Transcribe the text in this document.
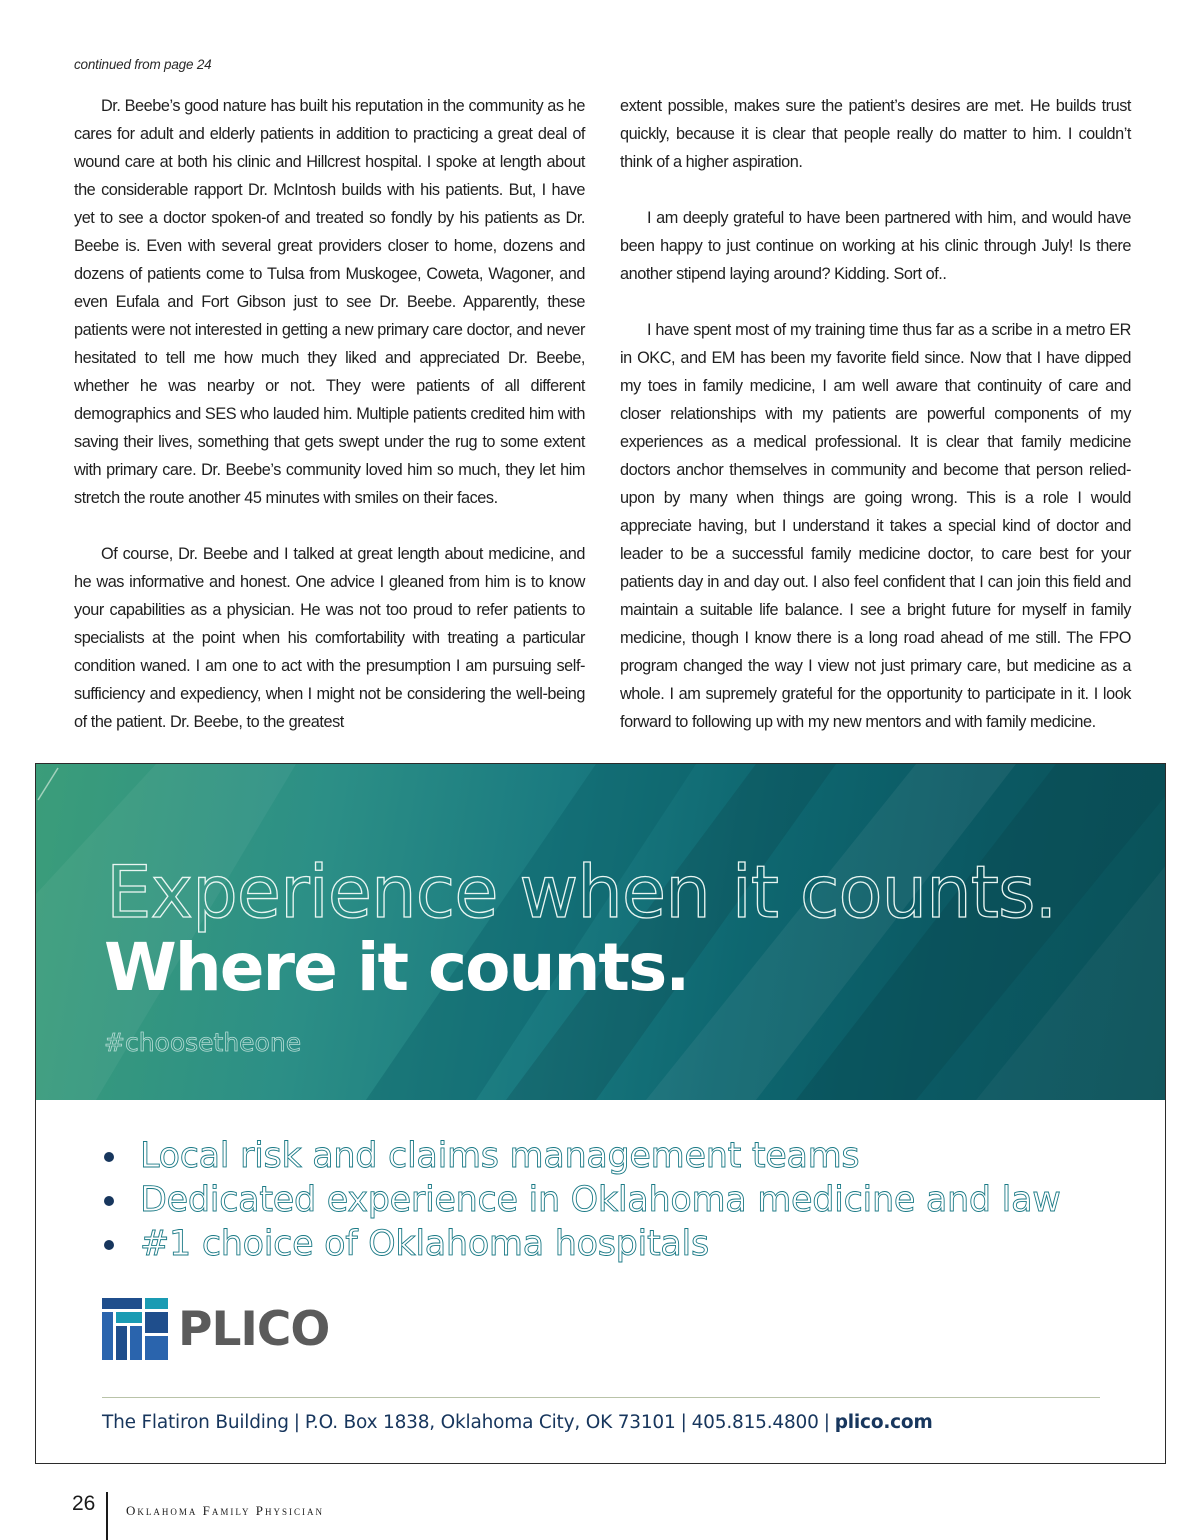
continued from page 24

Dr. Beebe’s good nature has built his reputation in the community as he cares for adult and elderly patients in addition to practicing a great deal of wound care at both his clinic and Hillcrest hospital. I spoke at length about the considerable rapport Dr. McIntosh builds with his patients. But, I have yet to see a doctor spoken-of and treated so fondly by his patients as Dr. Beebe is. Even with several great providers closer to home, dozens and dozens of patients come to Tulsa from Muskogee, Coweta, Wagoner, and even Eufala and Fort Gibson just to see Dr. Beebe. Apparently, these patients were not interested in getting a new primary care doctor, and never hesitated to tell me how much they liked and appreciated Dr. Beebe, whether he was nearby or not. They were patients of all different demographics and SES who lauded him. Multiple patients credited him with saving their lives, something that gets swept under the rug to some extent with primary care. Dr. Beebe’s community loved him so much, they let him stretch the route another 45 minutes with smiles on their faces.

Of course, Dr. Beebe and I talked at great length about medicine, and he was informative and honest. One advice I gleaned from him is to know your capabilities as a physician. He was not too proud to refer patients to specialists at the point when his comfortability with treating a particular condition waned. I am one to act with the presumption I am pursuing self-sufficiency and expediency, when I might not be considering the well-being of the patient. Dr. Beebe, to the greatest

extent possible, makes sure the patient’s desires are met. He builds trust quickly, because it is clear that people really do matter to him. I couldn’t think of a higher aspiration.

I am deeply grateful to have been partnered with him, and would have been happy to just continue on working at his clinic through July! Is there another stipend laying around? Kidding. Sort of..

I have spent most of my training time thus far as a scribe in a metro ER in OKC, and EM has been my favorite field since. Now that I have dipped my toes in family medicine, I am well aware that continuity of care and closer relationships with my patients are powerful components of my experiences as a medical professional. It is clear that family medicine doctors anchor themselves in community and become that person relied-upon by many when things are going wrong. This is a role I would appreciate having, but I understand it takes a special kind of doctor and leader to be a successful family medicine doctor, to care best for your patients day in and day out. I also feel confident that I can join this field and maintain a suitable life balance. I see a bright future for myself in family medicine, though I know there is a long road ahead of me still. The FPO program changed the way I view not just primary care, but medicine as a whole. I am supremely grateful for the opportunity to participate in it. I look forward to following up with my new mentors and with family medicine.

Experience when it counts.
Where it counts.
#choosetheone
Local risk and claims management teams
Dedicated experience in Oklahoma medicine and law
#1 choice of Oklahoma hospitals
PLICO
The Flatiron Building | P.O. Box 1838, Oklahoma City, OK 73101 | 405.815.4800 | plico.com
26 Oklahoma Family Physician
